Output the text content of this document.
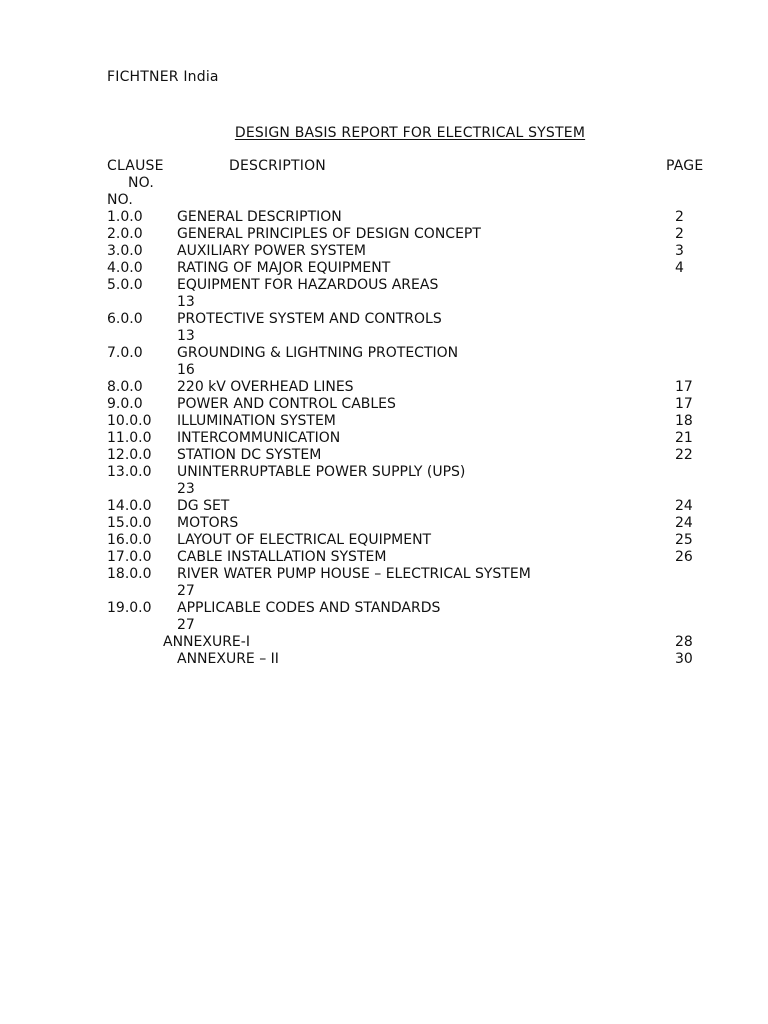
FICHTNER India
DESIGN BASIS REPORT FOR ELECTRICAL SYSTEM
CLAUSE
NO.
NO.
DESCRIPTION	PAGE
1.0.0 GENERAL DESCRIPTION	2
2.0.0 GENERAL PRINCIPLES OF DESIGN CONCEPT	2
3.0.0 AUXILIARY POWER SYSTEM	3
4.0.0 RATING OF MAJOR EQUIPMENT	4
5.0.0 EQUIPMENT FOR HAZARDOUS AREAS
13
6.0.0 PROTECTIVE SYSTEM AND CONTROLS
13
7.0.0 GROUNDING & LIGHTNING PROTECTION
16
8.0.0 220 kV OVERHEAD LINES	17
9.0.0 POWER AND CONTROL CABLES	17
10.0.0 ILLUMINATION SYSTEM	18
11.0.0 INTERCOMMUNICATION	21
12.0.0 STATION DC SYSTEM	22
13.0.0 UNINTERRUPTABLE POWER SUPPLY (UPS)
23
14.0.0 DG SET	24
15.0.0 MOTORS	24
16.0.0 LAYOUT OF ELECTRICAL EQUIPMENT	25
17.0.0 CABLE INSTALLATION SYSTEM	26
18.0.0 RIVER WATER PUMP HOUSE – ELECTRICAL SYSTEM
27
19.0.0 APPLICABLE CODES AND STANDARDS
27
ANNEXURE-I	28
ANNEXURE – II	30
